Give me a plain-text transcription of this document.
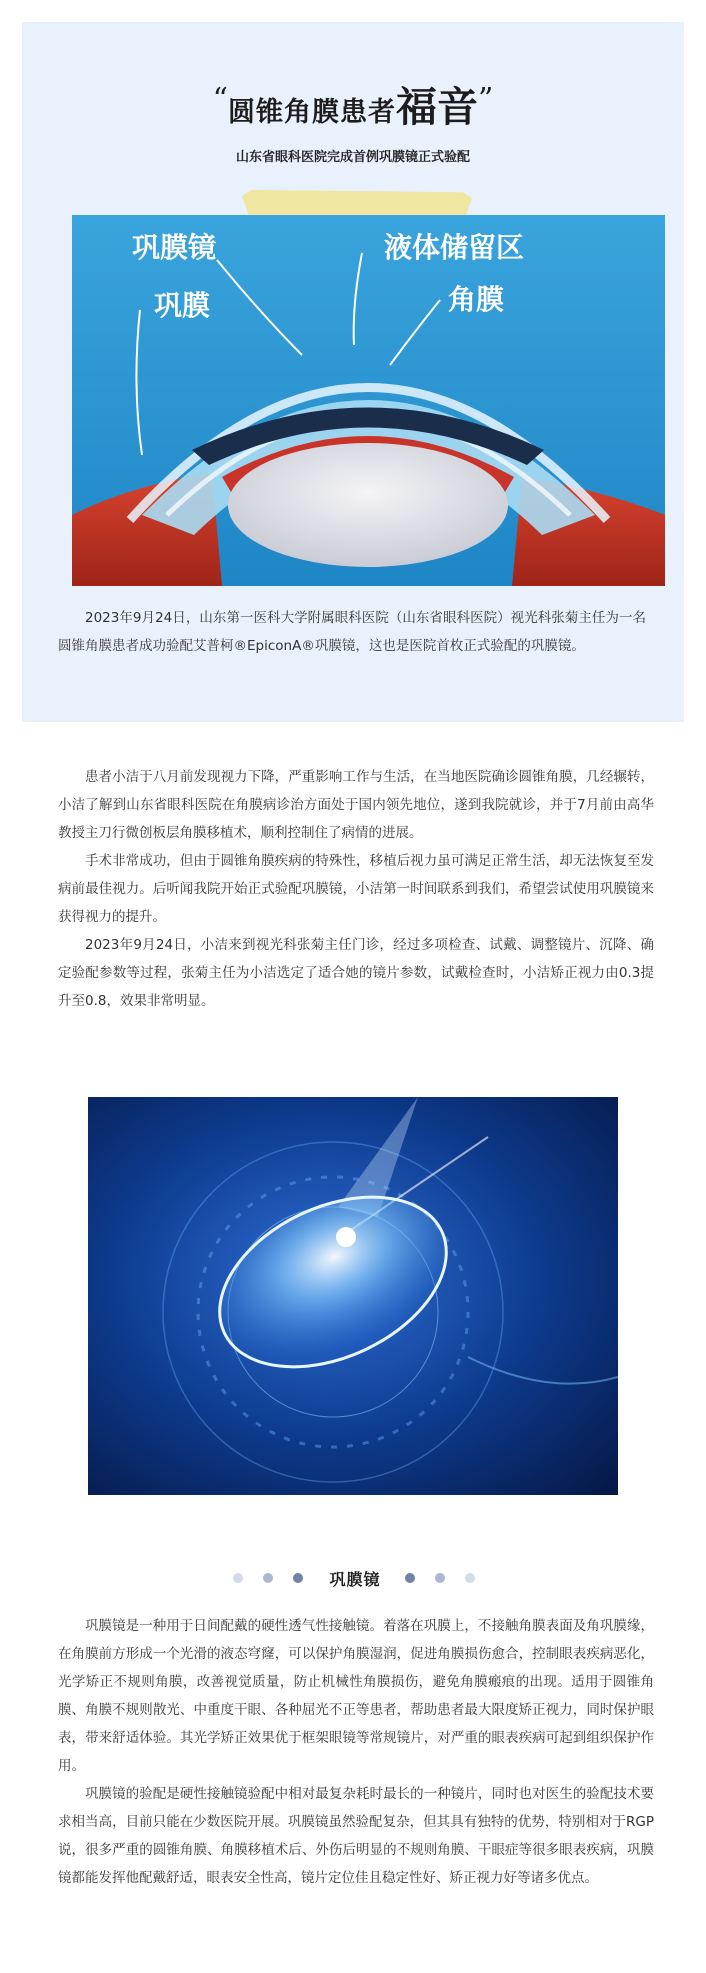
“圆锥角膜患者福音”
山东省眼科医院完成首例巩膜镜正式验配
巩膜镜	液体储留区
巩膜	角膜

2023年9月24日，山东第一医科大学附属眼科医院（山东省眼科医院）视光科张菊主任为一名圆锥角膜患者成功验配艾普柯®EpiconA®巩膜镜，这也是医院首枚正式验配的巩膜镜。

患者小洁于八月前发现视力下降，严重影响工作与生活，在当地医院确诊圆锥角膜，几经辗转，小洁了解到山东省眼科医院在角膜病诊治方面处于国内领先地位，遂到我院就诊，并于7月前由高华教授主刀行微创板层角膜移植术，顺利控制住了病情的进展。

手术非常成功，但由于圆锥角膜疾病的特殊性，移植后视力虽可满足正常生活，却无法恢复至发病前最佳视力。后听闻我院开始正式验配巩膜镜，小洁第一时间联系到我们，希望尝试使用巩膜镜来获得视力的提升。

2023年9月24日，小洁来到视光科张菊主任门诊，经过多项检查、试戴、调整镜片、沉降、确定验配参数等过程，张菊主任为小洁选定了适合她的镜片参数，试戴检查时，小洁矫正视力由0.3提升至0.8，效果非常明显。

巩膜镜

巩膜镜是一种用于日间配戴的硬性透气性接触镜。着落在巩膜上，不接触角膜表面及角巩膜缘，在角膜前方形成一个光滑的液态穹窿，可以保护角膜湿润，促进角膜损伤愈合，控制眼表疾病恶化，光学矫正不规则角膜，改善视觉质量，防止机械性角膜损伤，避免角膜瘢痕的出现。适用于圆锥角膜、角膜不规则散光、中重度干眼、各种屈光不正等患者，帮助患者最大限度矫正视力，同时保护眼表，带来舒适体验。其光学矫正效果优于框架眼镜等常规镜片，对严重的眼表疾病可起到组织保护作用。

巩膜镜的验配是硬性接触镜验配中相对最复杂耗时最长的一种镜片，同时也对医生的验配技术要求相当高，目前只能在少数医院开展。巩膜镜虽然验配复杂，但其具有独特的优势，特别相对于RGP说，很多严重的圆锥角膜、角膜移植术后、外伤后明显的不规则角膜、干眼症等很多眼表疾病，巩膜镜都能发挥他配戴舒适，眼表安全性高，镜片定位佳且稳定性好、矫正视力好等诸多优点。
